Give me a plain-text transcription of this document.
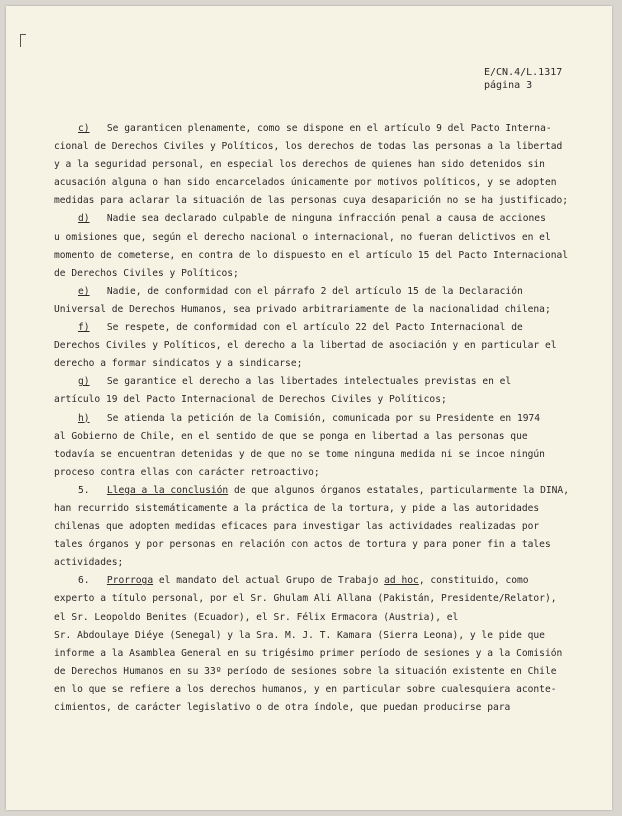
E/CN.4/L.1317
página 3
c) Se garanticen plenamente, como se dispone en el artículo 9 del Pacto Interna-
cional de Derechos Civiles y Políticos, los derechos de todas las personas a la libertad
y a la seguridad personal, en especial los derechos de quienes han sido detenidos sin
acusación alguna o han sido encarcelados únicamente por motivos políticos, y se adopten
medidas para aclarar la situación de las personas cuya desaparición no se ha justificado;
d) Nadie sea declarado culpable de ninguna infracción penal a causa de acciones
u omisiones que, según el derecho nacional o internacional, no fueran delictivos en el
momento de cometerse, en contra de lo dispuesto en el artículo 15 del Pacto Internacional
de Derechos Civiles y Políticos;
e) Nadie, de conformidad con el párrafo 2 del artículo 15 de la Declaración
Universal de Derechos Humanos, sea privado arbitrariamente de la nacionalidad chilena;
f) Se respete, de conformidad con el artículo 22 del Pacto Internacional de
Derechos Civiles y Políticos, el derecho a la libertad de asociación y en particular el
derecho a formar sindicatos y a sindicarse;
g) Se garantice el derecho a las libertades intelectuales previstas en el
artículo 19 del Pacto Internacional de Derechos Civiles y Políticos;
h) Se atienda la petición de la Comisión, comunicada por su Presidente en 1974
al Gobierno de Chile, en el sentido de que se ponga en libertad a las personas que
todavía se encuentran detenidas y de que no se tome ninguna medida ni se incoe ningún
proceso contra ellas con carácter retroactivo;
5. Llega a la conclusión de que algunos órganos estatales, particularmente la DINA,
han recurrido sistemáticamente a la práctica de la tortura, y pide a las autoridades
chilenas que adopten medidas eficaces para investigar las actividades realizadas por
tales órganos y por personas en relación con actos de tortura y para poner fin a tales
actividades;
6. Prorroga el mandato del actual Grupo de Trabajo ad hoc, constituido, como
experto a título personal, por el Sr. Ghulam Ali Allana (Pakistán, Presidente/Relator),
el Sr. Leopoldo Benites (Ecuador), el Sr. Félix Ermacora (Austria), el
Sr. Abdoulaye Diéye (Senegal) y la Sra. M. J. T. Kamara (Sierra Leona), y le pide que
informe a la Asamblea General en su trigésimo primer período de sesiones y a la Comisión
de Derechos Humanos en su 33º período de sesiones sobre la situación existente en Chile
en lo que se refiere a los derechos humanos, y en particular sobre cualesquiera aconte-
cimientos, de carácter legislativo o de otra índole, que puedan producirse para
